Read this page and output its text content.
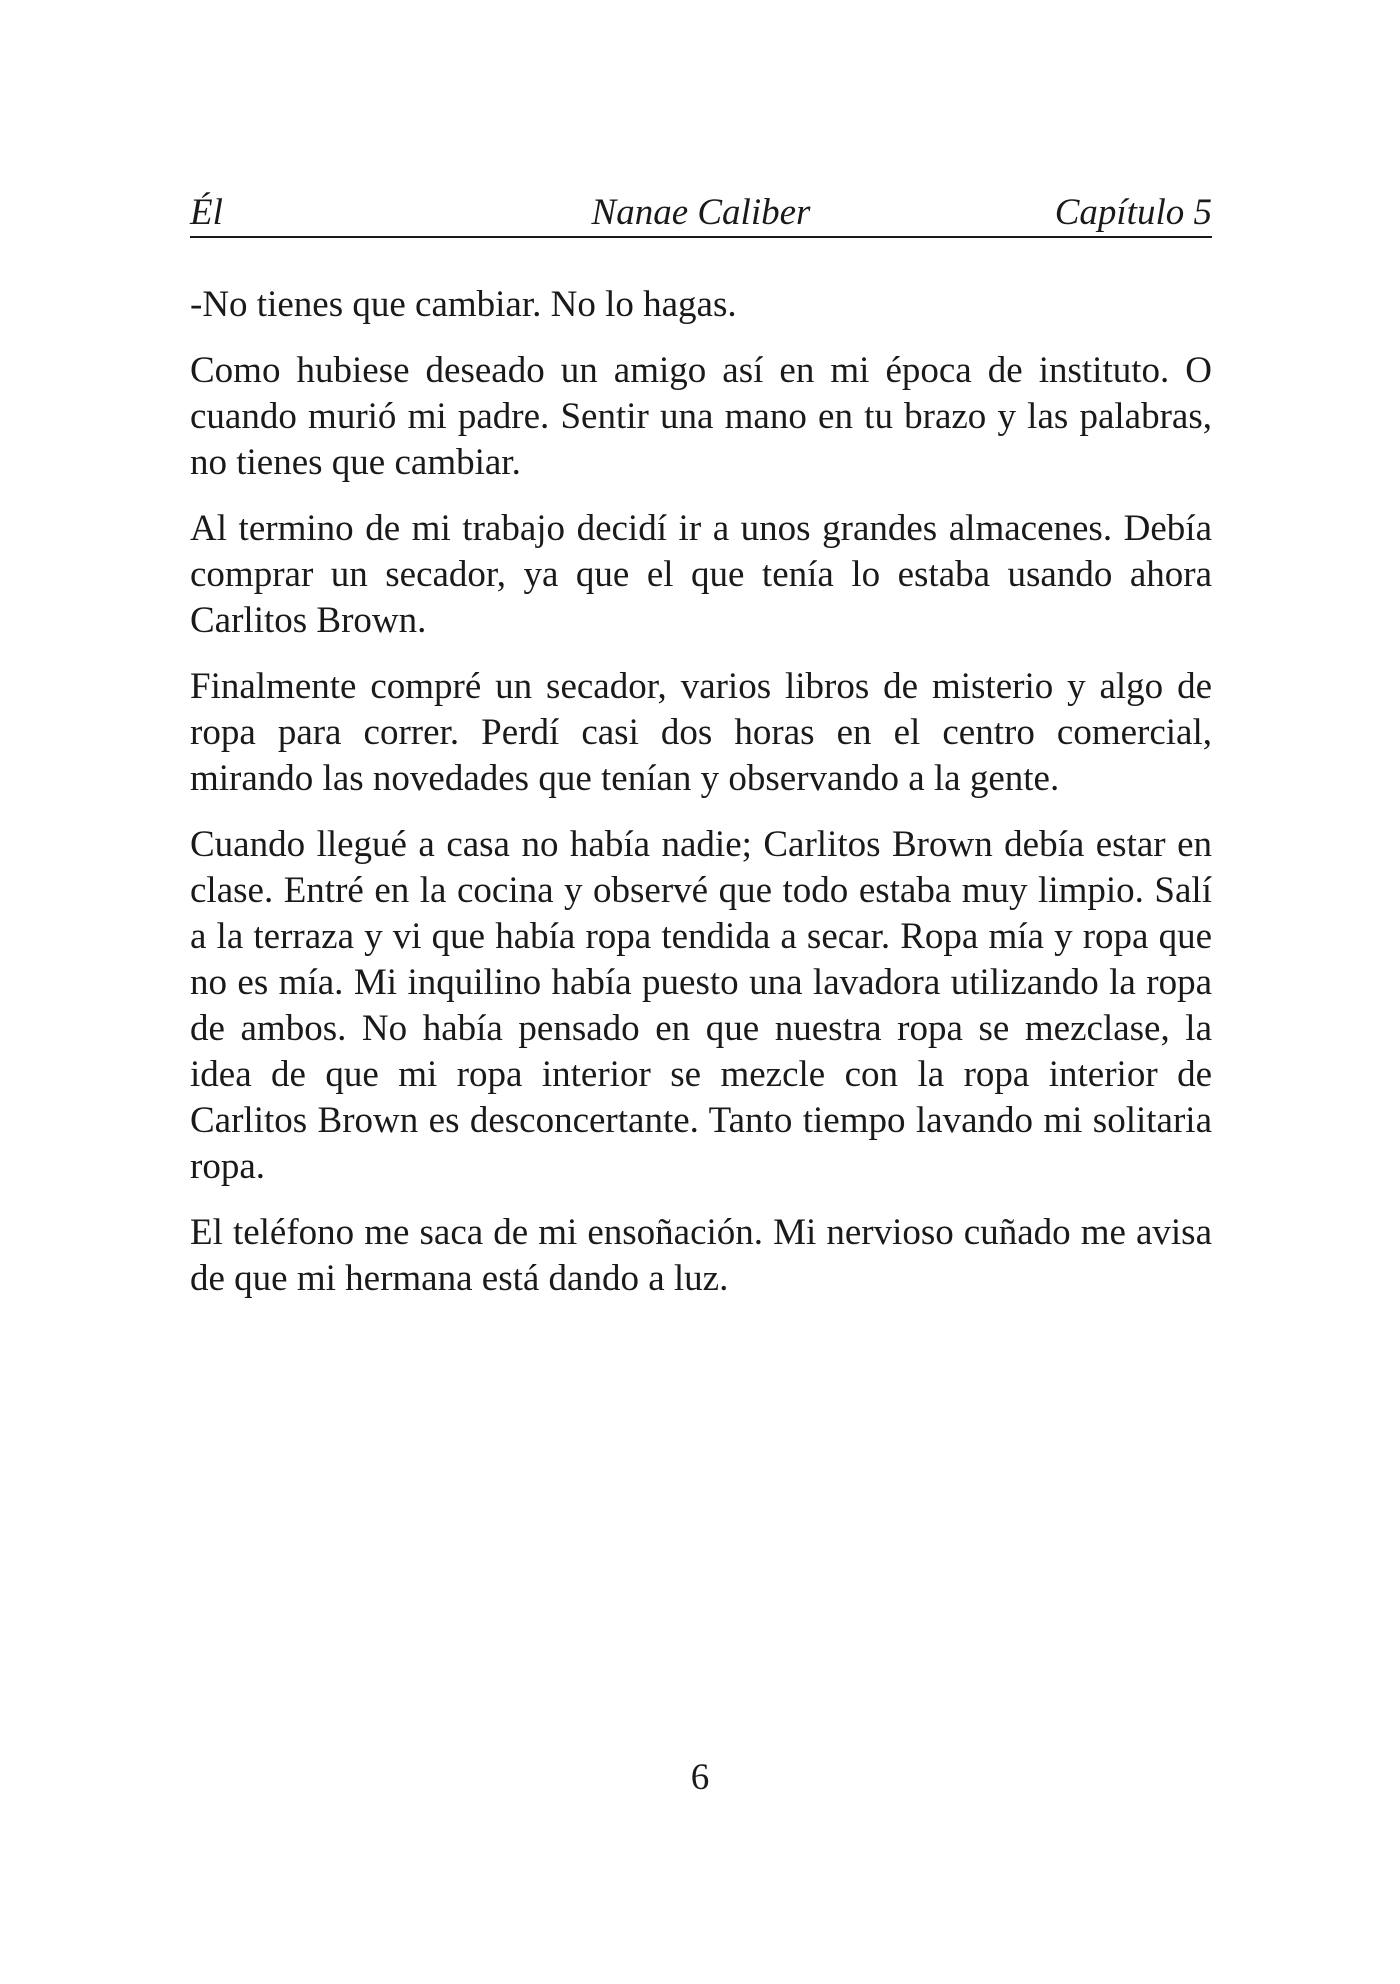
Nanae Caliber
Él	Capítulo 5

-No tienes que cambiar. No lo hagas.

Como hubiese deseado un amigo así en mi época de instituto. O cuando murió mi padre. Sentir una mano en tu brazo y las palabras, no tienes que cambiar.

Al termino de mi trabajo decidí ir a unos grandes almacenes. Debía comprar un secador, ya que el que tenía lo estaba usando ahora Carlitos Brown.

Finalmente compré un secador, varios libros de misterio y algo de ropa para correr. Perdí casi dos horas en el centro comercial, mirando las novedades que tenían y observando a la gente.

Cuando llegué a casa no había nadie; Carlitos Brown debía estar en clase. Entré en la cocina y observé que todo estaba muy limpio. Salí a la terraza y vi que había ropa tendida a secar. Ropa mía y ropa que no es mía. Mi inquilino había puesto una lavadora utilizando la ropa de ambos. No había pensado en que nuestra ropa se mezclase, la idea de que mi ropa interior se mezcle con la ropa interior de Carlitos Brown es desconcertante. Tanto tiempo lavando mi solitaria ropa.

El teléfono me saca de mi ensoñación. Mi nervioso cuñado me avisa de que mi hermana está dando a luz.

6
